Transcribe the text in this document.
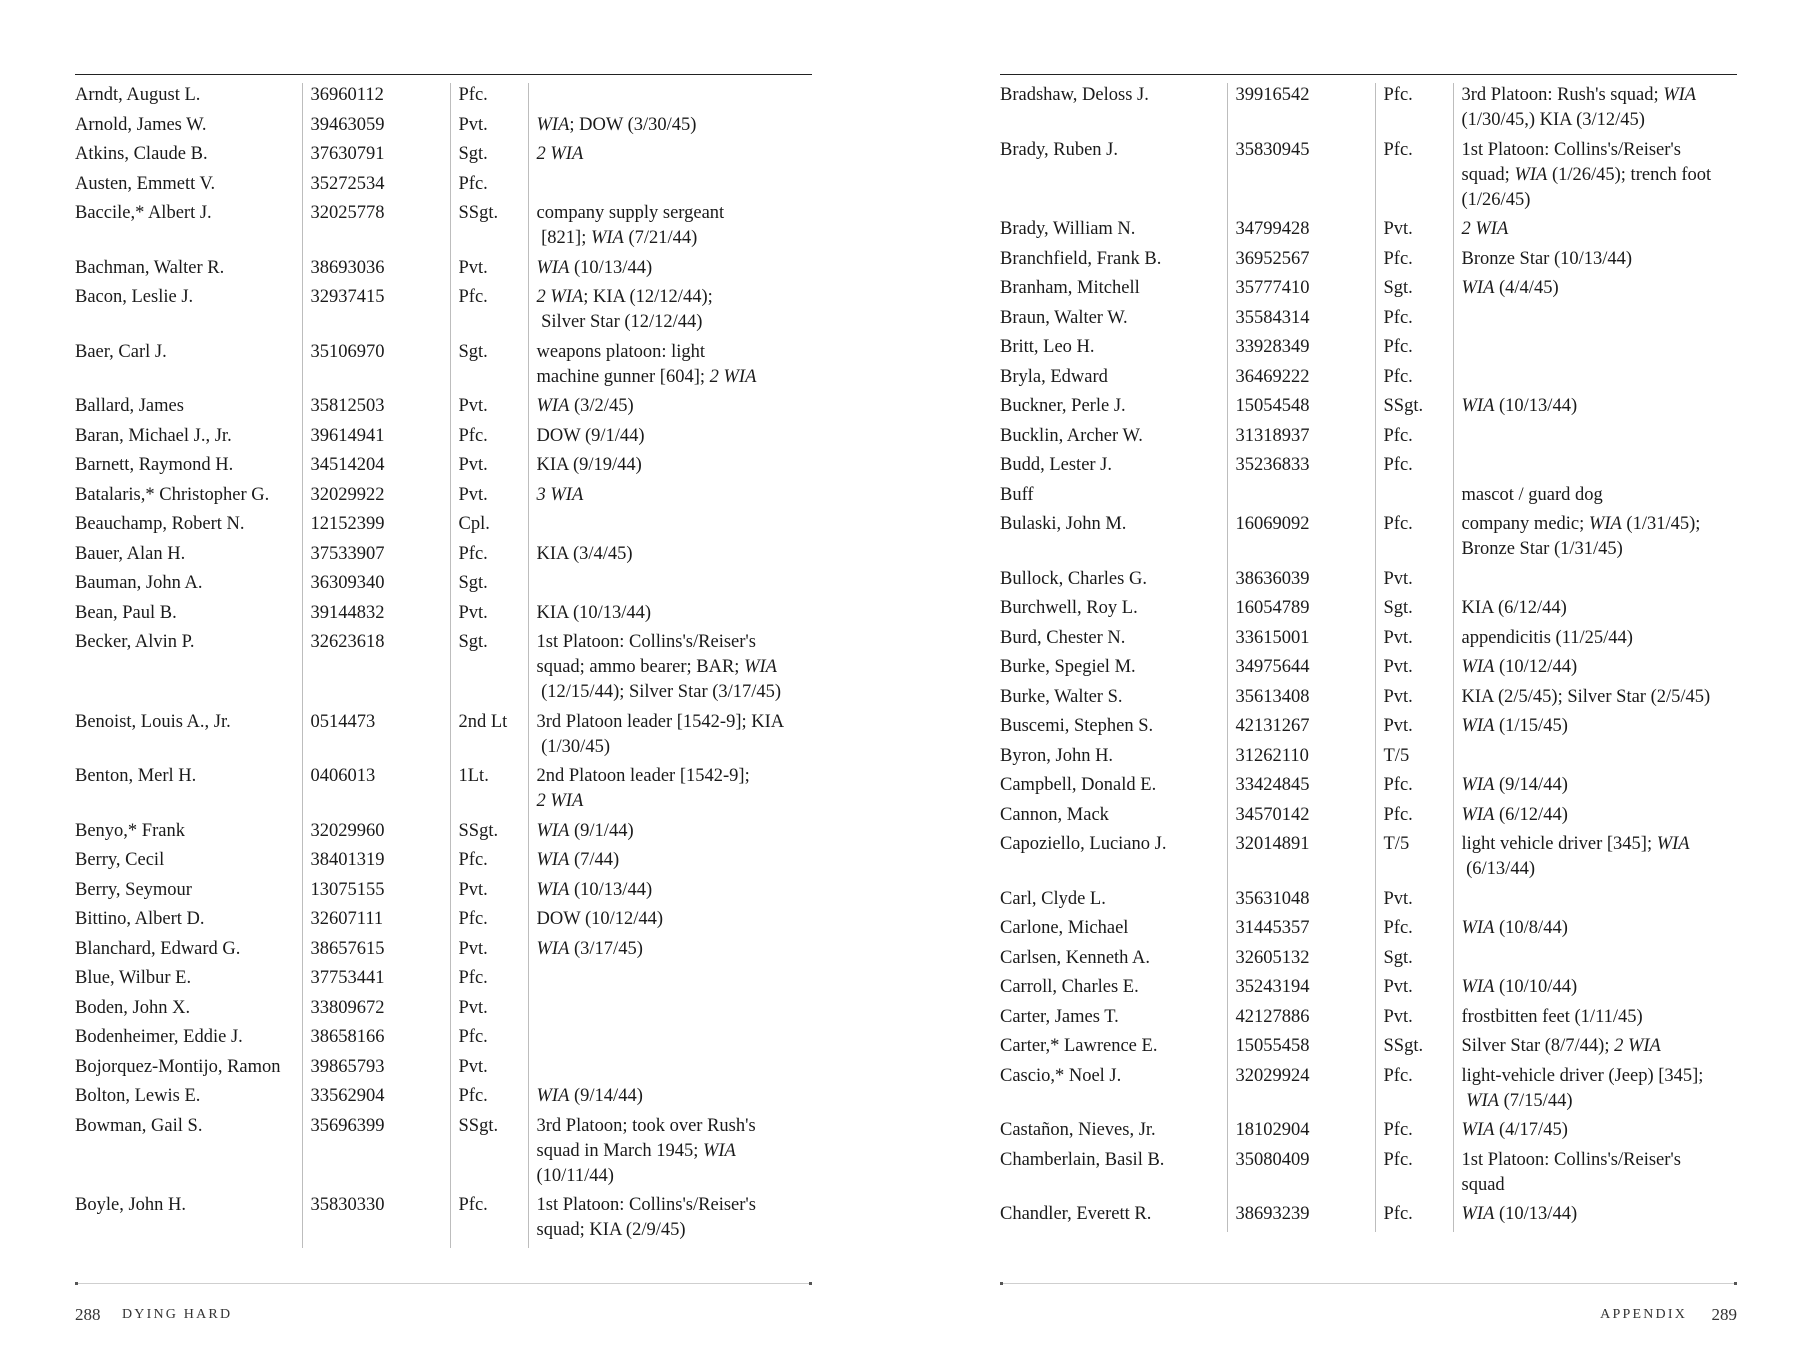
Arndt, August L.	36960112	Pfc.	
Arnold, James W.	39463059	Pvt.	WIA; DOW (3/30/45)
Atkins, Claude B.	37630791	Sgt.	2 WIA
Austen, Emmett V.	35272534	Pfc.	
Baccile,* Albert J.	32025778	SSgt.	company supply sergeant
[821]; WIA (7/21/44)
Bachman, Walter R.	38693036	Pvt.	WIA (10/13/44)
Bacon, Leslie J.	32937415	Pfc.	2 WIA; KIA (12/12/44);
Silver Star (12/12/44)
Baer, Carl J.	35106970	Sgt.	weapons platoon: light
machine gunner [604]; 2 WIA
Ballard, James	35812503	Pvt.	WIA (3/2/45)
Baran, Michael J., Jr.	39614941	Pfc.	DOW (9/1/44)
Barnett, Raymond H.	34514204	Pvt.	KIA (9/19/44)
Batalaris,* Christopher G.	32029922	Pvt.	3 WIA
Beauchamp, Robert N.	12152399	Cpl.	
Bauer, Alan H.	37533907	Pfc.	KIA (3/4/45)
Bauman, John A.	36309340	Sgt.	
Bean, Paul B.	39144832	Pvt.	KIA (10/13/44)
Becker, Alvin P.	32623618	Sgt.	1st Platoon: Collins's/Reiser's
squad; ammo bearer; BAR; WIA
(12/15/44); Silver Star (3/17/45)
Benoist, Louis A., Jr.	0514473	2nd Lt	3rd Platoon leader [1542-9]; KIA
(1/30/45)
Benton, Merl H.	0406013	1Lt.	2nd Platoon leader [1542-9];
2 WIA
Benyo,* Frank	32029960	SSgt.	WIA (9/1/44)
Berry, Cecil	38401319	Pfc.	WIA (7/44)
Berry, Seymour	13075155	Pvt.	WIA (10/13/44)
Bittino, Albert D.	32607111	Pfc.	DOW (10/12/44)
Blanchard, Edward G.	38657615	Pvt.	WIA (3/17/45)
Blue, Wilbur E.	37753441	Pfc.	
Boden, John X.	33809672	Pvt.	
Bodenheimer, Eddie J.	38658166	Pfc.	
Bojorquez-Montijo, Ramon	39865793	Pvt.	
Bolton, Lewis E.	33562904	Pfc.	WIA (9/14/44)
Bowman, Gail S.	35696399	SSgt.	3rd Platoon; took over Rush's
squad in March 1945; WIA
(10/11/44)
Boyle, John H.	35830330	Pfc.	1st Platoon: Collins's/Reiser's
squad; KIA (2/9/45)
Bradshaw, Deloss J.	39916542	Pfc.	3rd Platoon: Rush's squad; WIA
(1/30/45,) KIA (3/12/45)
Brady, Ruben J.	35830945	Pfc.	1st Platoon: Collins's/Reiser's
squad; WIA (1/26/45); trench foot
(1/26/45)
Brady, William N.	34799428	Pvt.	2 WIA
Branchfield, Frank B.	36952567	Pfc.	Bronze Star (10/13/44)
Branham, Mitchell	35777410	Sgt.	WIA (4/4/45)
Braun, Walter W.	35584314	Pfc.	
Britt, Leo H.	33928349	Pfc.	
Bryla, Edward	36469222	Pfc.	
Buckner, Perle J.	15054548	SSgt.	WIA (10/13/44)
Bucklin, Archer W.	31318937	Pfc.	
Budd, Lester J.	35236833	Pfc.	
Buff			mascot / guard dog
Bulaski, John M.	16069092	Pfc.	company medic; WIA (1/31/45);
Bronze Star (1/31/45)
Bullock, Charles G.	38636039	Pvt.	
Burchwell, Roy L.	16054789	Sgt.	KIA (6/12/44)
Burd, Chester N.	33615001	Pvt.	appendicitis (11/25/44)
Burke, Spegiel M.	34975644	Pvt.	WIA (10/12/44)
Burke, Walter S.	35613408	Pvt.	KIA (2/5/45); Silver Star (2/5/45)
Buscemi, Stephen S.	42131267	Pvt.	WIA (1/15/45)
Byron, John H.	31262110	T/5	
Campbell, Donald E.	33424845	Pfc.	WIA (9/14/44)
Cannon, Mack	34570142	Pfc.	WIA (6/12/44)
Capoziello, Luciano J.	32014891	T/5	light vehicle driver [345]; WIA
(6/13/44)
Carl, Clyde L.	35631048	Pvt.	
Carlone, Michael	31445357	Pfc.	WIA (10/8/44)
Carlsen, Kenneth A.	32605132	Sgt.	
Carroll, Charles E.	35243194	Pvt.	WIA (10/10/44)
Carter, James T.	42127886	Pvt.	frostbitten feet (1/11/45)
Carter,* Lawrence E.	15055458	SSgt.	Silver Star (8/7/44); 2 WIA
Cascio,* Noel J.	32029924	Pfc.	light-vehicle driver (Jeep) [345];
WIA (7/15/44)
Castañon, Nieves, Jr.	18102904	Pfc.	WIA (4/17/45)
Chamberlain, Basil B.	35080409	Pfc.	1st Platoon: Collins's/Reiser's
squad
Chandler, Everett R.	38693239	Pfc.	WIA (10/13/44)
288 DYING HARD	APPENDIX 289
